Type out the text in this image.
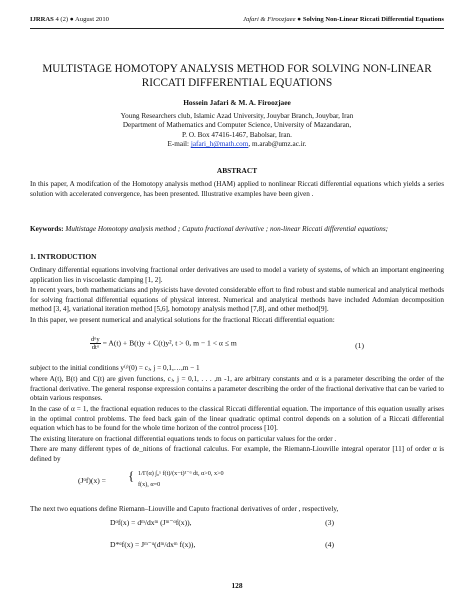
IJRRAS 4 (2) ● August 2010	Jafari & Firoozjaee ● Solving Non-Linear Riccati Differential Equations
MULTISTAGE HOMOTOPY ANALYSIS METHOD FOR SOLVING NON-LINEAR RICCATI DIFFERENTIAL EQUATIONS
Hossein Jafari & M. A. Firoozjaee
Young Researchers club, Islamic Azad University, Jouybar Branch, Jouybar, Iran
Department of Mathematics and Computer Science, University of Mazandaran,
P. O. Box 47416-1467, Babolsar, Iran.
E-mail: jafari_h@math.com, m.arab@umz.ac.ir.
ABSTRACT
In this paper, A modifcation of the Homotopy analysis method (HAM) applied to nonlinear Riccati differential equations which yields a series solution with accelerated convergence, has been presented. Illustrative examples have been given .
Keywords: Multistage Homotopy analysis method ; Caputo fractional derivative ; non-linear Riccati differential equations;
1. INTRODUCTION
Ordinary differential equations involving fractional order derivatives are used to model a variety of systems, of which an important engineering application lies in viscoelastic damping [1, 2].
In recent years, both mathematicians and physicists have devoted considerable effort to find robust and stable numerical and analytical methods for solving fractional differential equations of physical interest. Numerical and analytical methods have included Adomian decomposition method [3, 4], variational iteration method [5,6], homotopy analysis method [7,8], and other method[9].
In this paper, we present numerical and analytical solutions for the fractional Riccati differential equation:
$\frac{\text{dᵅy}}{\text{dtᵅ}} = A(t) + B(t)y + C(t)y^2$, t > 0, m − 1 < α ≤ m	(1)
subject to the initial conditions y⁽ʲ⁾(0) = cⱼ, j = 0,1,…,m − 1
where A(t), B(t) and C(t) are given functions, cⱼ, j = 0,1, . . . ,m -1, are arbitrary constants and α is a parameter describing the order of the fractional derivative. The general response expression contains a parameter describing the order of the fractional derivative that can be varied to obtain various responses.
In the case of α = 1, the fractional equation reduces to the classical Riccati differential equation. The importance of this equation usually arises in the optimal control problems. The feed back gain of the linear quadratic optimal control depends on a solution of a Riccati differential equation which has to be found for the whole time horizon of the control process [10].
The existing literature on fractional differential equations tends to focus on particular values for the order .
There are many different types of de_nitions of fractional calculus. For example, the Riemann-Liouville integral operator [11] of order α is defined by
(Jᵅf)(x) = { 1/Γ(α) ∫₀ˣ f(t)/(x−t)¹⁻ᵅ dt, α>0, x>0
f(x), α=0
The next two equations define Riemann–Liouville and Caputo fractional derivatives of order , respectively,
Dᵅf(x) = dᵐ/dxᵐ (Jᵐ⁻ᵅf(x)),	(3)
D*ᵅf(x) = Jᵐ⁻ᵅ(dᵐ/dxᵐ f(x)),	(4)
128
